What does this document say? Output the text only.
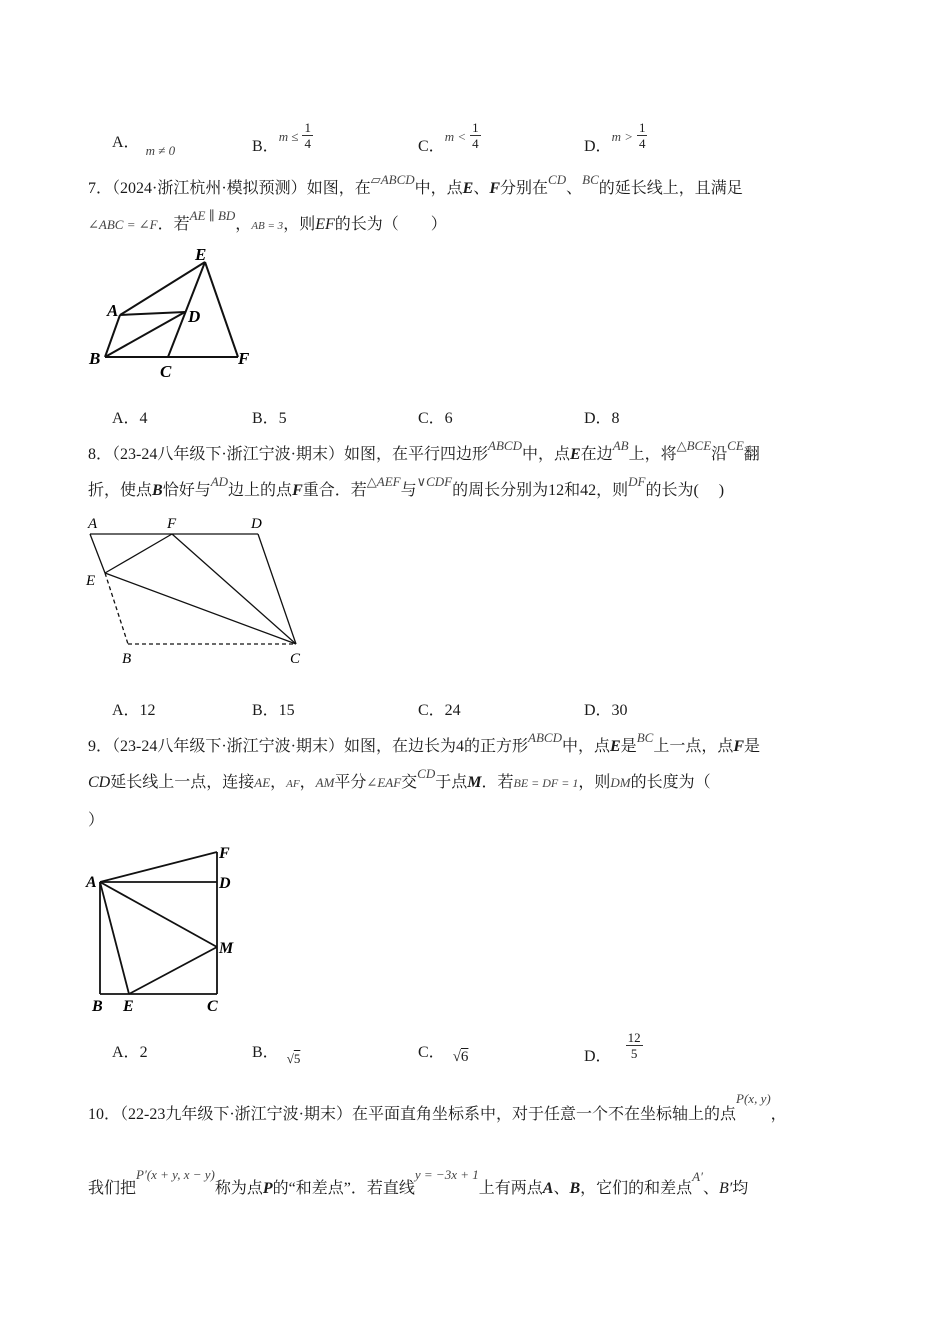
A． $_{m \ne 0}$	B．$m \le \frac{1}{4}$	C．$m < \frac{1}{4}$	D．$m > \frac{1}{4}$
7．（2024·浙江杭州·模拟预测）如图，在$^{▱ABCD}$中，点E、F分别在$^{CD}$、$^{BC}$的延长线上，且满足
∠ABC = ∠F．若$^{AE \parallel BD}$，AB = 3，则EF的长为（　　）
E
A	D
B
C
F
A．4	B．5	C．6	D．8
8．（23-24八年级下·浙江宁波·期末）如图，在平行四边形$^{ABCD}$中，点E在边$^{AB}$上，将$^{\triangle BCE}$沿$^{CE}$翻
折，使点B恰好与$^{AD}$边上的点F重合．若$^{\triangle AEF}$与$^{\vee CDF}$的周长分别为12和42，则$^{DF}$的长为(　 )
A	F	D
E
B	C
A．12	B．15	C．24	D．30
9．（23-24八年级下·浙江宁波·期末）如图，在边长为4的正方形$^{ABCD}$中，点E是$^{BC}$上一点，点F是
CD延长线上一点，连接AE，AF，AM平分∠EAF交$^{CD}$于点M．若BE = DF = 1，则DM的长度为（
）
F
A	D
M
B E	C
A．2	B． $_{√5}$	C． √6	D． $\frac{12}{5}$
10．（22-23九年级下·浙江宁波·期末）在平面直角坐标系中，对于任意一个不在坐标轴上的点$^{P(x, y)}$，
我们把$^{P'(x + y, x - y)}$称为点P的“和差点”．若直线$^{y = -3x + 1}$上有两点A、B，它们的和差点$^{A'}$、B′均
